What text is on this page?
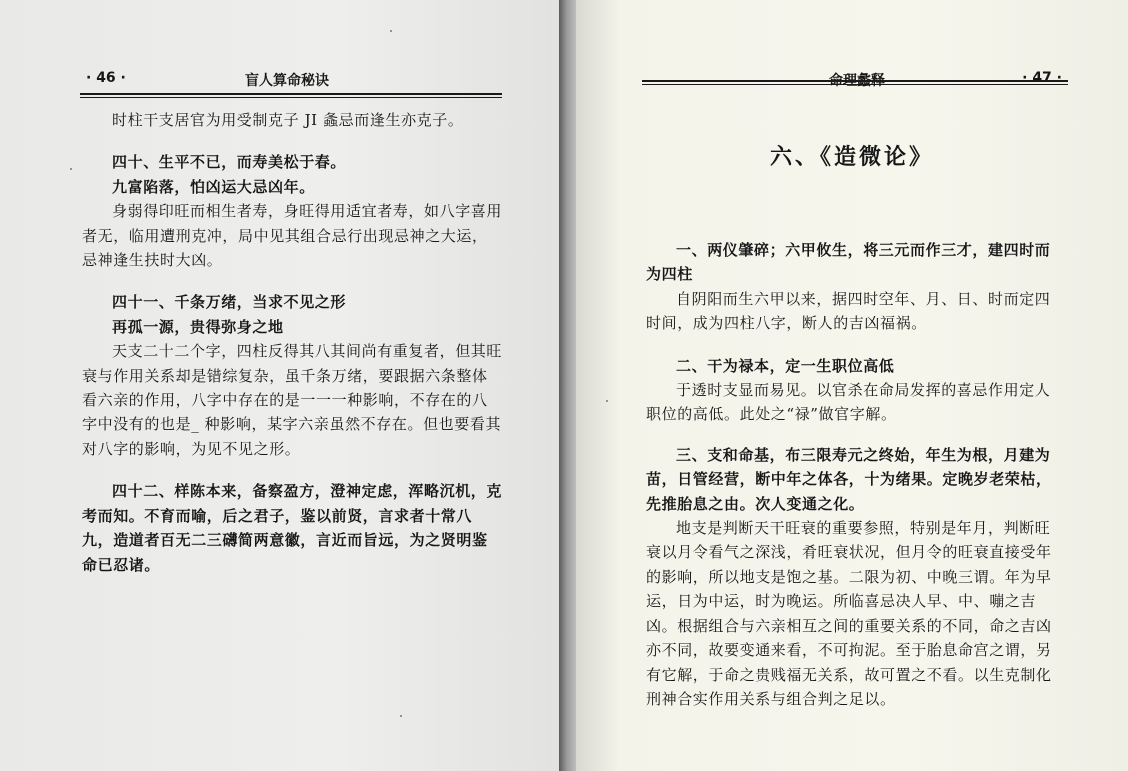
· 46 ·	盲人算命秘诀

时柱干支居官为用受制克子 JI 螽忌而逢生亦克子。

四十、生平不已，而寿美松于春。

九富陷落，怕凶运大忌凶年。

身弱得印旺而相生者寿，身旺得用适宜者寿，如八字喜用者无，临用遭刑克冲，局中见其组合忌行出现忌神之大运，忌神逢生扶时大凶。

四十一、千条万绪，当求不见之形

再孤一源，贵得弥身之地

天支二十二个字，四柱反得其八其间尚有重复者，但其旺衰与作用关系却是错综复杂，虽千条万绪，要跟据六条整体看六亲的作用，八字中存在的是一一一种影响，不存在的八字中没有的也是_ 种影响，某字六亲虽然不存在。但也要看其对八字的影响，为见不见之形。

四十二、样陈本来，备察盈方，澄神定虑，浑略沉机，克考而知。不育而喻，后之君子，鉴以前贤，言求者十常八九，造道者百无二三礴简两意徽，言近而旨远，为之贤明鉴命已忍诸。

命理蠡释	· 47 ·
六、《造微论》

一、两仪肇碎；六甲攸生，将三元而作三才，建四时而为四柱

自阴阳而生六甲以来，据四时空年、月、日、时而定四时间，成为四柱八字，断人的吉凶福祸。

二、干为禄本，定一生职位高低

于透时支显而易见。以官杀在命局发挥的喜忌作用定人职位的高低。此处之“禄”做官字解。

三、支和命基，布三限寿元之终始，年生为根，月建为苗，日管经营，断中年之体各，十为绪果。定晚岁老荣枯，先推胎息之由。次人变通之化。

地支是判断天干旺衰的重要参照，特别是年月，判断旺衰以月令看气之深浅，肴旺衰状况，但月令的旺衰直接受年的影响，所以地支是饱之基。二限为初、中晚三谓。年为早运，日为中运，时为晚运。所临喜忌决人早、中、嘣之吉凶。根据组合与六亲相互之间的重要关系的不同，命之吉凶亦不同，故要变通来看，不可拘泥。至于胎息命宫之谓，另有它解，于命之贵贱福无关系，故可置之不看。以生克制化刑神合实作用关系与组合判之足以。
